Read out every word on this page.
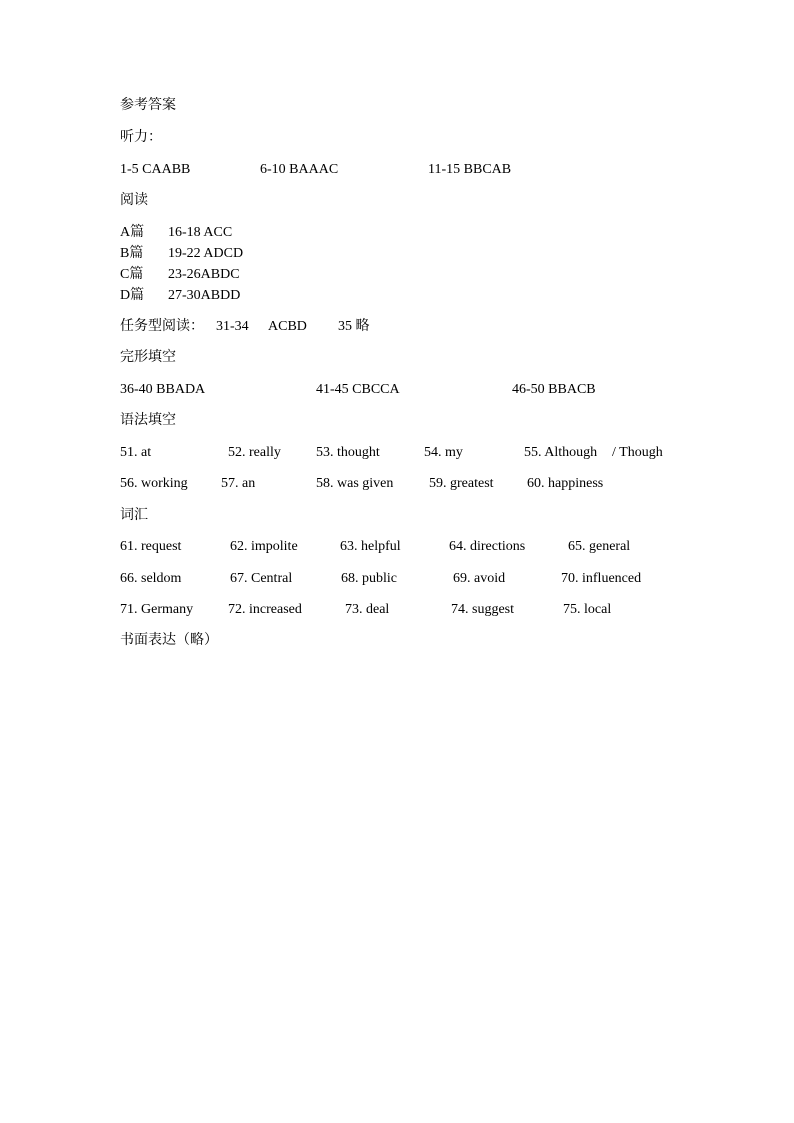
参考答案
听力：
1-5 CAABB	6-10 BAAAC	11-15 BBCAB
阅读
A篇 16-18 ACC
B篇 19-22 ADCD
C篇 23-26ABDC
D篇 27-30ABDD
任务型阅读： 31-34 ACBD 35 略
完形填空
36-40 BBADA	41-45 CBCCA	46-50 BBACB
语法填空
51. at	52. really	53. thought	54. my	55. Although / Though
56. working 57. an	58. was given	59. greatest 60. happiness
词汇
61. request	62. impolite	63. helpful	64. directions	65. general
66. seldom	67. Central	68. public	69. avoid	70. influenced
71. Germany 72. increased	73. deal	74. suggest	75. local
书面表达（略）
